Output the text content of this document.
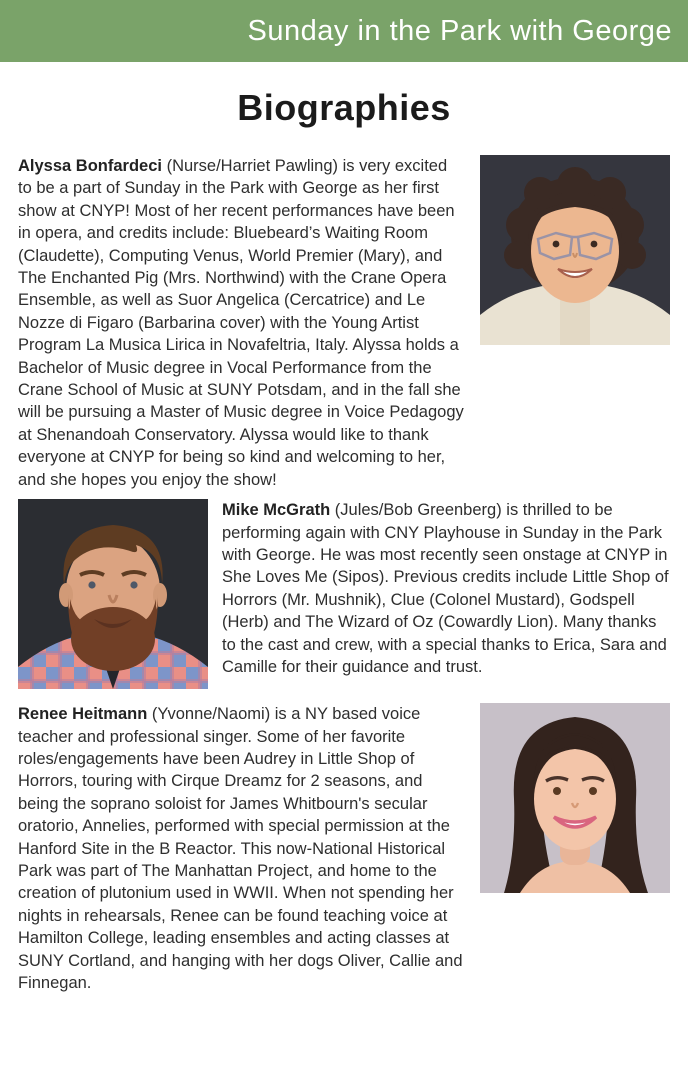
Sunday in the Park with George
Biographies

Alyssa Bonfardeci (Nurse/Harriet Pawling) is very excited to be a part of Sunday in the Park with George as her first show at CNYP! Most of her recent performances have been in opera, and credits include: Bluebeard’s Waiting Room (Claudette), Computing Venus, World Premier (Mary), and The Enchanted Pig (Mrs. Northwind) with the Crane Opera Ensemble, as well as Suor Angelica (Cercatrice) and Le Nozze di Figaro (Barbarina cover) with the Young Artist Program La Musica Lirica in Novafeltria, Italy. Alyssa holds a Bachelor of Music degree in Vocal Performance from the Crane School of Music at SUNY Potsdam, and in the fall she will be pursuing a Master of Music degree in Voice Pedagogy at Shenandoah Conservatory. Alyssa would like to thank everyone at CNYP for being so kind and welcoming to her, and she hopes you enjoy the show!

Mike McGrath (Jules/Bob Greenberg) is thrilled to be performing again with CNY Playhouse in Sunday in the Park with George. He was most recently seen onstage at CNYP in She Loves Me (Sipos). Previous credits include Little Shop of Horrors (Mr. Mushnik), Clue (Colonel Mustard), Godspell (Herb) and The Wizard of Oz (Cowardly Lion). Many thanks to the cast and crew, with a special thanks to Erica, Sara and Camille for their guidance and trust.

Renee Heitmann (Yvonne/Naomi) is a NY based voice teacher and professional singer. Some of her favorite roles/engagements have been Audrey in Little Shop of Horrors, touring with Cirque Dreamz for 2 seasons, and being the soprano soloist for James Whitbourn's secular oratorio, Annelies, performed with special permission at the Hanford Site in the B Reactor. This now-National Historical Park was part of The Manhattan Project, and home to the creation of plutonium used in WWII. When not spending her nights in rehearsals, Renee can be found teaching voice at Hamilton College, leading ensembles and acting classes at SUNY Cortland, and hanging with her dogs Oliver, Callie and Finnegan.
